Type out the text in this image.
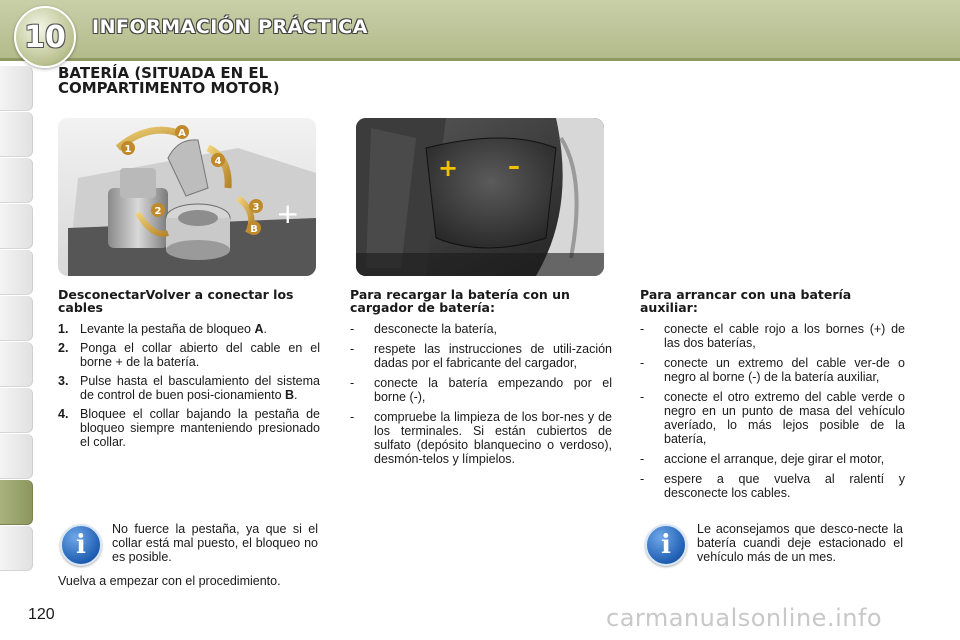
10	INFORMACIÓN PRÁCTICA
BATERÍA (SITUADA EN EL
COMPARTIMENTO MOTOR)
+
1
A
4
2	3
B
+ –
DesconectarVolver a conectar los cables
1. Levante la pestaña de bloqueo A.
2. Ponga el collar abierto del cable en el borne + de la batería.
3. Pulse hasta el basculamiento del sistema de control de buen posi-cionamiento B.
4. Bloquee el collar bajando la pestaña de bloqueo siempre manteniendo presionado el collar.
Para recargar la batería con un cargador de batería:
- desconecte la batería,
- respete las instrucciones de utili-zación dadas por el fabricante del cargador,
- conecte la batería empezando por el borne (-),
- compruebe la limpieza de los bor-nes y de los terminales. Si están cubiertos de sulfato (depósito blanquecino o verdoso), desmón-telos y límpielos.
Para arrancar con una batería auxiliar:
- conecte el cable rojo a los bornes (+) de las dos baterías,
- conecte un extremo del cable ver-de o negro al borne (-) de la batería auxiliar,
- conecte el otro extremo del cable verde o negro en un punto de masa del vehículo averíado, lo más lejos posible de la batería,
- accione el arranque, deje girar el motor,
- espere a que vuelva al ralentí y desconecte los cables.
i
No fuerce la pestaña, ya que si el collar está mal puesto, el bloqueo no es posible.
Vuelva a empezar con el procedimiento.
i
Le aconsejamos que desco-necte la batería cuandi deje estacionado el vehículo más de un mes.
120	carmanualsonline.info
